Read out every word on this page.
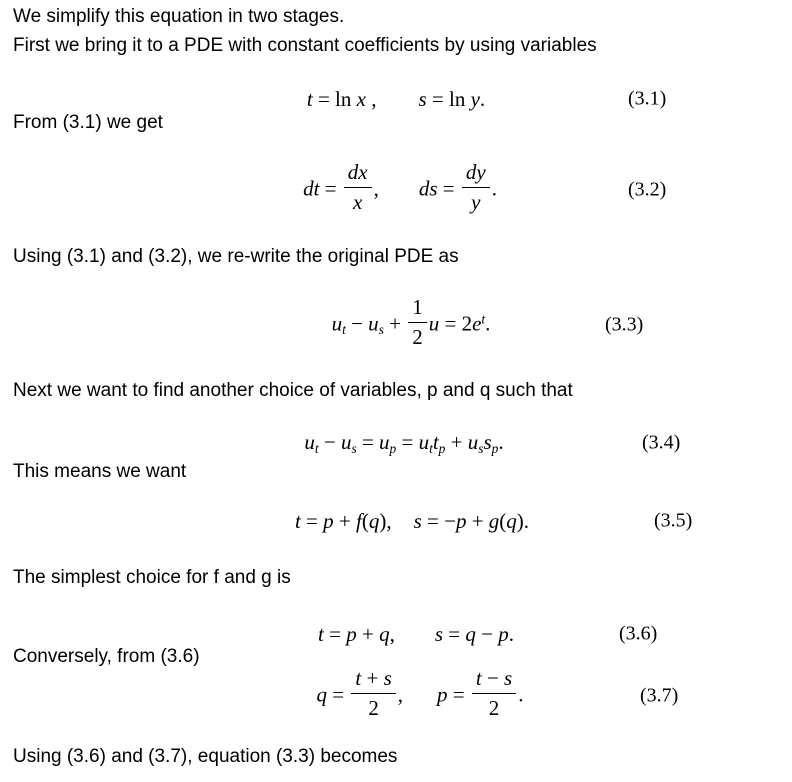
We simplify this equation in two stages.
First we bring it to a PDE with constant coefficients by using variables
t = ln x , s = ln y.	(3.1)
From (3.1) we get
dt = $\frac{dx}{x}$ , ds = $\frac{dy}{y}$ .	(3.2)
Using (3.1) and (3.2), we re-write the original PDE as
ut − us + $\frac{1}{2}$ $u = 2e^t$.	(3.3)
Next we want to find another choice of variables, p and q such that
ut − us = up = uttp + ussp.	(3.4)
This means we want
t = p + f(q), s = −p + g(q).	(3.5)
The simplest choice for f and g is
t = p + q, s = q − p.	(3.6)
Conversely, from (3.6)
$q = \frac{t + s}{2}$ , $p = \frac{t - s}{2}$ .	(3.7)
Using (3.6) and (3.7), equation (3.3) becomes
